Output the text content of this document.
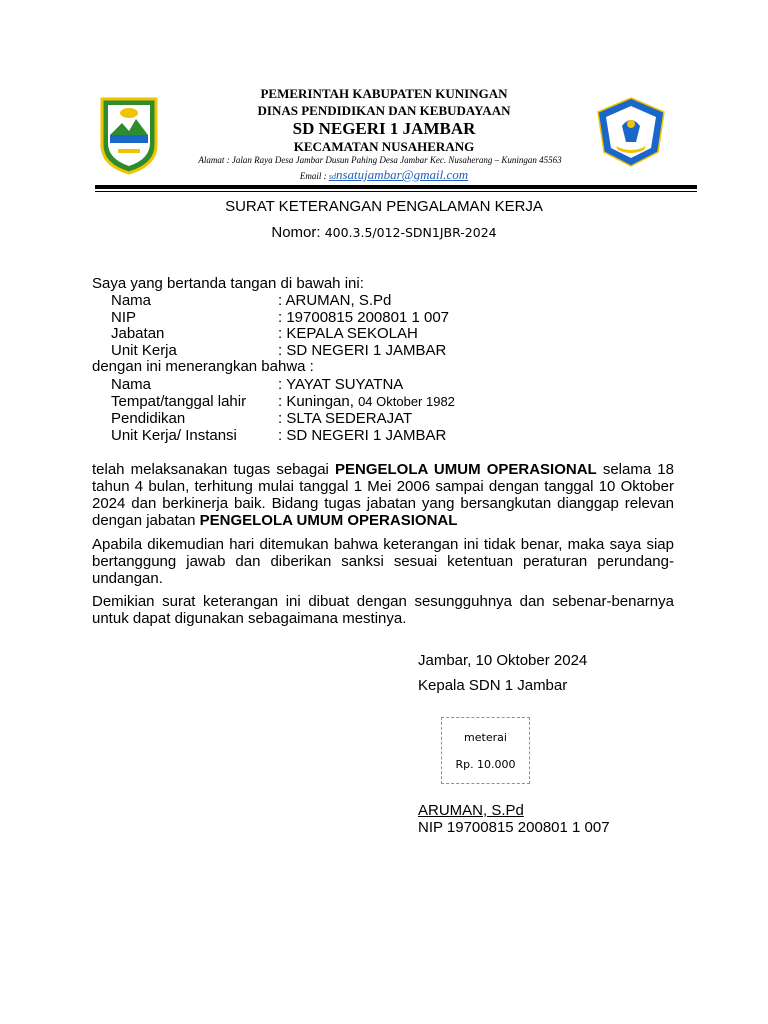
PEMERINTAH KABUPATEN KUNINGAN
DINAS PENDIDIKAN DAN KEBUDAYAAN
SD NEGERI 1 JAMBAR
KECAMATAN NUSAHERANG
Alamat : Jalan Raya Desa Jambar Dusun Pahing Desa Jambar Kec. Nusaherang – Kuningan 45563
Email : sdnsatujambar@gmail.com
SURAT KETERANGAN PENGALAMAN KERJA
Nomor: 400.3.5/012-SDN1JBR-2024
Saya yang bertanda tangan di bawah ini:
Nama	: ARUMAN, S.Pd
NIP	: 19700815 200801 1 007
Jabatan	: KEPALA SEKOLAH
Unit Kerja	: SD NEGERI 1 JAMBAR
dengan ini menerangkan bahwa :
Nama	: YAYAT SUYATNA
Tempat/tanggal lahir : Kuningan, 04 Oktober 1982
Pendidikan	: SLTA SEDERAJAT
Unit Kerja/ Instansi	: SD NEGERI 1 JAMBAR
telah melaksanakan tugas sebagai PENGELOLA UMUM OPERASIONAL selama 18 tahun 4 bulan, terhitung mulai tanggal 1 Mei 2006 sampai dengan tanggal 10 Oktober 2024 dan berkinerja baik. Bidang tugas jabatan yang bersangkutan dianggap relevan dengan jabatan PENGELOLA UMUM OPERASIONAL
Apabila dikemudian hari ditemukan bahwa keterangan ini tidak benar, maka saya siap bertanggung jawab dan diberikan sanksi sesuai ketentuan peraturan perundang- undangan.
Demikian surat keterangan ini dibuat dengan sesungguhnya dan sebenar-benarnya untuk dapat digunakan sebagaimana mestinya.
Jambar, 10 Oktober 2024
Kepala SDN 1 Jambar
meterai
Rp. 10.000
ARUMAN, S.Pd
NIP 19700815 200801 1 007
